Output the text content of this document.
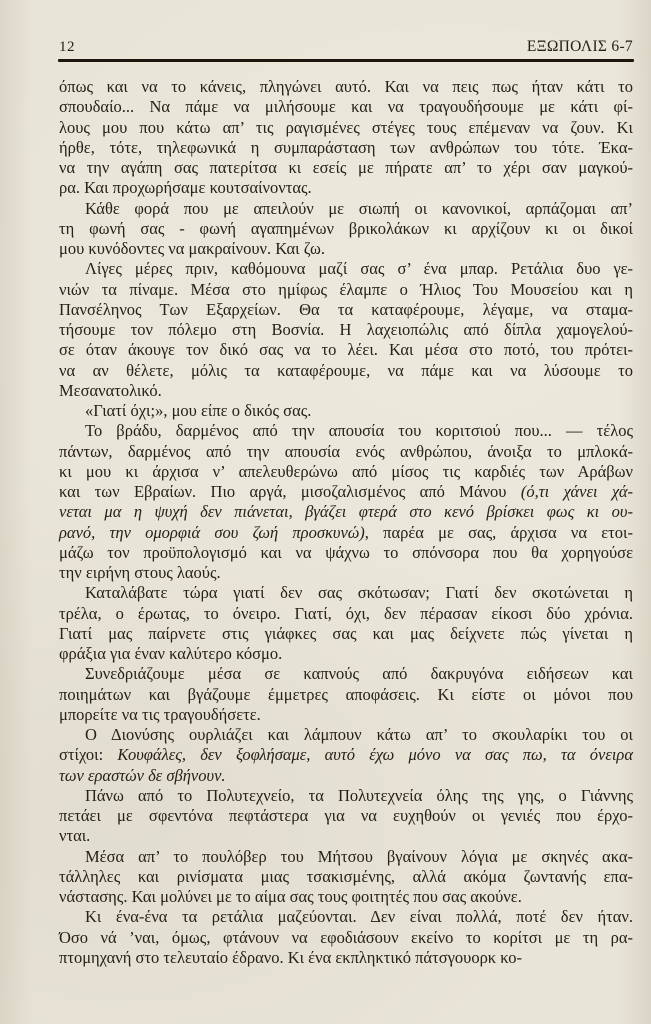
12	ΕΞΩΠΟΛΙΣ 6-7
όπως και να το κάνεις, πληγώνει αυτό. Και να πεις πως ήταν κάτι το
σπουδαίο... Να πάμε να μιλήσουμε και να τραγουδήσουμε με κάτι φί-
λους μου που κάτω απ’ τις ραγισμένες στέγες τους επέμεναν να ζουν. Κι
ήρθε, τότε, τηλεφωνικά η συμπαράσταση των ανθρώπων του τότε. Έκα-
να την αγάπη σας πατερίτσα κι εσείς με πήρατε απ’ το χέρι σαν μαγκού-
ρα. Και προχωρήσαμε κουτσαίνοντας.
Κάθε φορά που με απειλούν με σιωπή οι κανονικοί, αρπάζομαι απ’
τη φωνή σας - φωνή αγαπημένων βρικολάκων κι αρχίζουν κι οι δικοί
μου κυνόδοντες να μακραίνουν. Και ζω.
Λίγες μέρες πριν, καθόμουνα μαζί σας σ’ ένα μπαρ. Ρετάλια δυο γε-
νιών τα πίναμε. Μέσα στο ημίφως έλαμπε ο Ήλιος Του Μουσείου και η
Πανσέληνος Των Εξαρχείων. Θα τα καταφέρουμε, λέγαμε, να σταμα-
τήσουμε τον πόλεμο στη Βοσνία. Η λαχειοπώλις από δίπλα χαμογελού-
σε όταν άκουγε τον δικό σας να το λέει. Και μέσα στο ποτό, του πρότει-
να αν θέλετε, μόλις τα καταφέρουμε, να πάμε και να λύσουμε το
Μεσανατολικό.
«Γιατί όχι;», μου είπε ο δικός σας.
Το βράδυ, δαρμένος από την απουσία του κοριτσιού που... — τέλος
πάντων, δαρμένος από την απουσία ενός ανθρώπου, άνοιξα το μπλοκά-
κι μου κι άρχισα ν’ απελευθερώνω από μίσος τις καρδιές των Αράβων
και των Εβραίων. Πιο αργά, μισοζαλισμένος από Μάνου (ό,τι χάνει χά-
νεται μα η ψυχή δεν πιάνεται, βγάζει φτερά στο κενό βρίσκει φως κι ου-
ρανό, την ομορφιά σου ζωή προσκυνώ), παρέα με σας, άρχισα να ετοι-
μάζω τον προϋπολογισμό και να ψάχνω το σπόνσορα που θα χορηγούσε
την ειρήνη στους λαούς.
Καταλάβατε τώρα γιατί δεν σας σκότωσαν; Γιατί δεν σκοτώνεται η
τρέλα, ο έρωτας, το όνειρο. Γιατί, όχι, δεν πέρασαν είκοσι δύο χρόνια.
Γιατί μας παίρνετε στις γιάφκες σας και μας δείχνετε πώς γίνεται η
φράξια για έναν καλύτερο κόσμο.
Συνεδριάζουμε μέσα σε καπνούς από δακρυγόνα ειδήσεων και
ποιημάτων και βγάζουμε έμμετρες αποφάσεις. Κι είστε οι μόνοι που
μπορείτε να τις τραγουδήσετε.
Ο Διονύσης ουρλιάζει και λάμπουν κάτω απ’ το σκουλαρίκι του οι
στίχοι: Κουφάλες, δεν ξοφλήσαμε, αυτό έχω μόνο να σας πω, τα όνειρα
των εραστών δε σβήνουν.
Πάνω από το Πολυτεχνείο, τα Πολυτεχνεία όλης της γης, ο Γιάννης
πετάει με σφεντόνα πεφτάστερα για να ευχηθούν οι γενιές που έρχο-
νται.
Μέσα απ’ το πουλόβερ του Μήτσου βγαίνουν λόγια με σκηνές ακα-
τάλληλες και ρινίσματα μιας τσακισμένης, αλλά ακόμα ζωντανής επα-
νάστασης. Και μολύνει με το αίμα σας τους φοιτητές που σας ακούνε.
Κι ένα-ένα τα ρετάλια μαζεύονται. Δεν είναι πολλά, ποτέ δεν ήταν.
Όσο νά ’ναι, όμως, φτάνουν να εφοδιάσουν εκείνο το κορίτσι με τη ρα-
πτομηχανή στο τελευταίο έδρανο. Κι ένα εκπληκτικό πάτσγουορκ κο-
